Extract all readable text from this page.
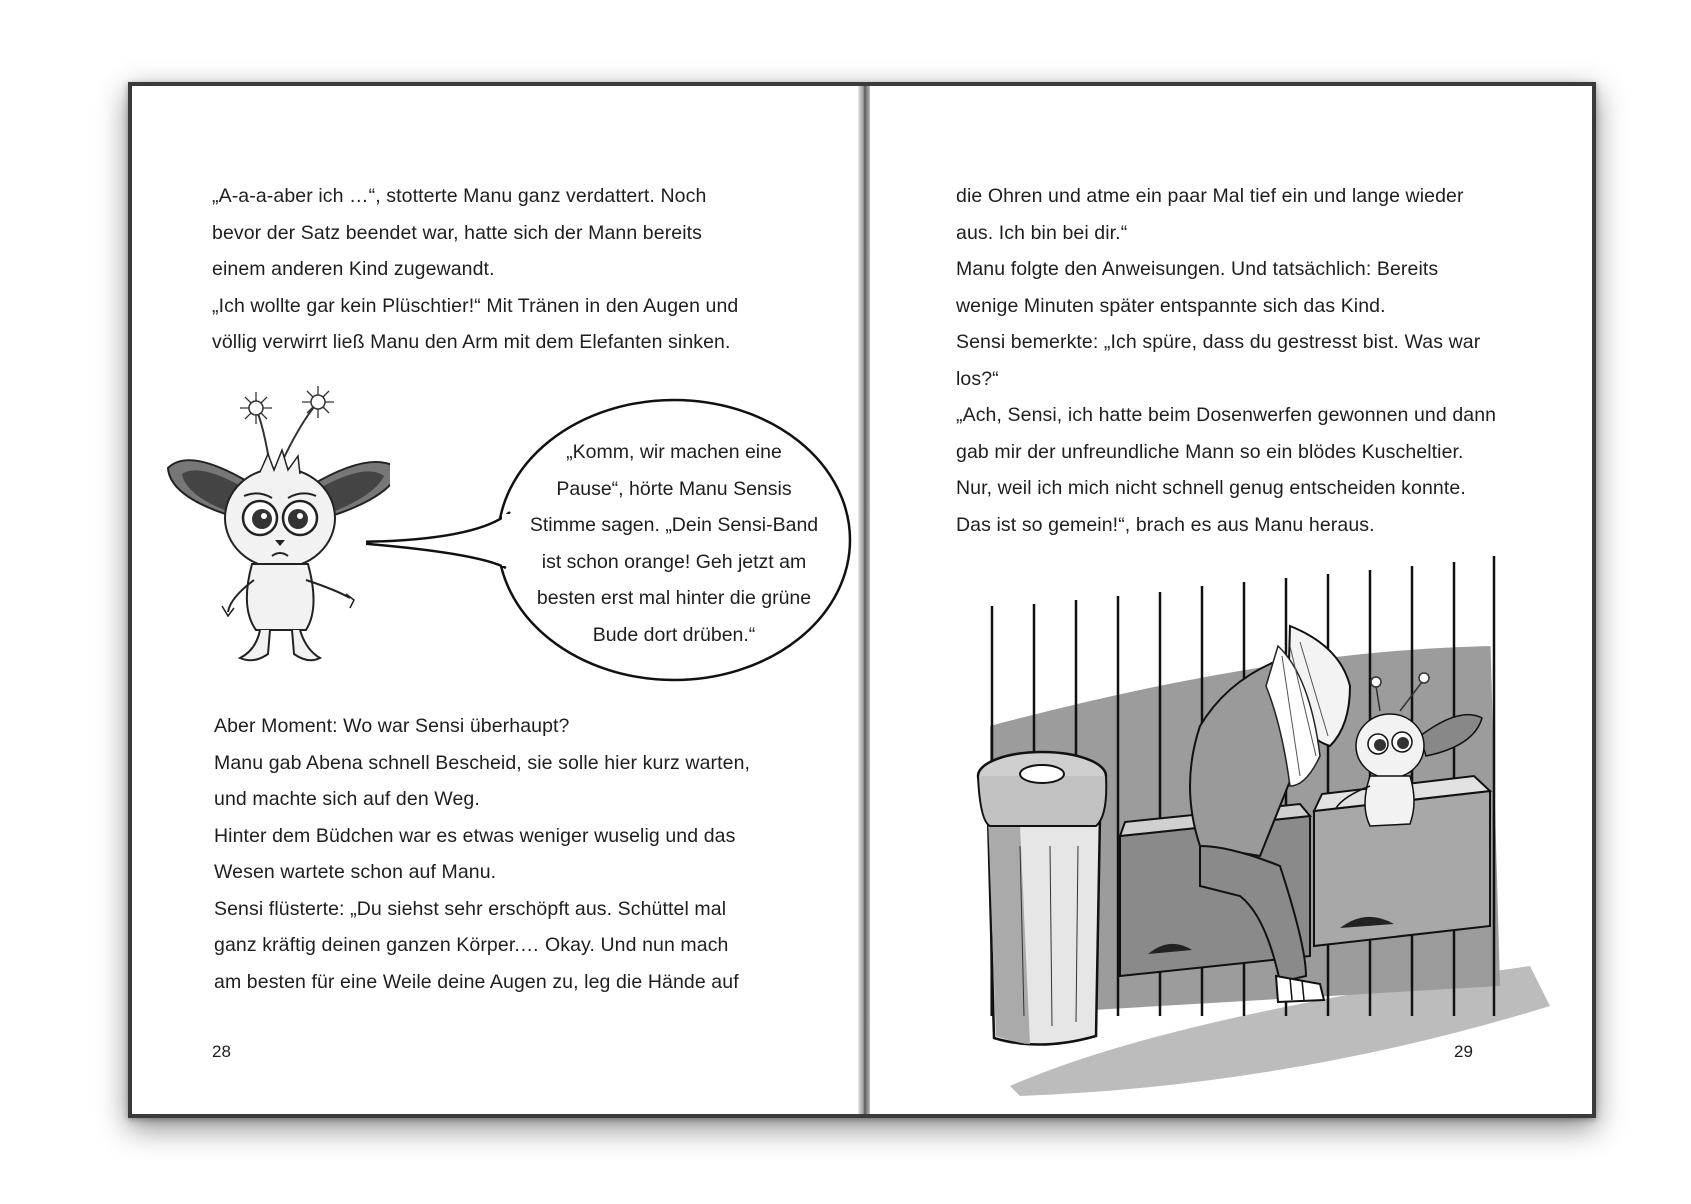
„A-a-a-aber ich …“, stotterte Manu ganz verdattert. Noch
bevor der Satz beendet war, hatte sich der Mann bereits
einem anderen Kind zugewandt.
„Ich wollte gar kein Plüschtier!“ Mit Tränen in den Augen und
völlig verwirrt ließ Manu den Arm mit dem Elefanten sinken.
„Komm, wir machen eine
Pause“, hörte Manu Sensis
Stimme sagen. „Dein Sensi-Band
ist schon orange! Geh jetzt am
besten erst mal hinter die grüne
Bude dort drüben.“
Aber Moment: Wo war Sensi überhaupt?
Manu gab Abena schnell Bescheid, sie solle hier kurz warten,
und machte sich auf den Weg.
Hinter dem Büdchen war es etwas weniger wuselig und das
Wesen wartete schon auf Manu.
Sensi flüsterte: „Du siehst sehr erschöpft aus. Schüttel mal
ganz kräftig deinen ganzen Körper.… Okay. Und nun mach
am besten für eine Weile deine Augen zu, leg die Hände auf
28
die Ohren und atme ein paar Mal tief ein und lange wieder
aus. Ich bin bei dir.“
Manu folgte den Anweisungen. Und tatsächlich: Bereits
wenige Minuten später entspannte sich das Kind.
Sensi bemerkte: „Ich spüre, dass du gestresst bist. Was war
los?“
„Ach, Sensi, ich hatte beim Dosenwerfen gewonnen und dann
gab mir der unfreundliche Mann so ein blödes Kuscheltier.
Nur, weil ich mich nicht schnell genug entscheiden konnte.
Das ist so gemein!“, brach es aus Manu heraus.
29
